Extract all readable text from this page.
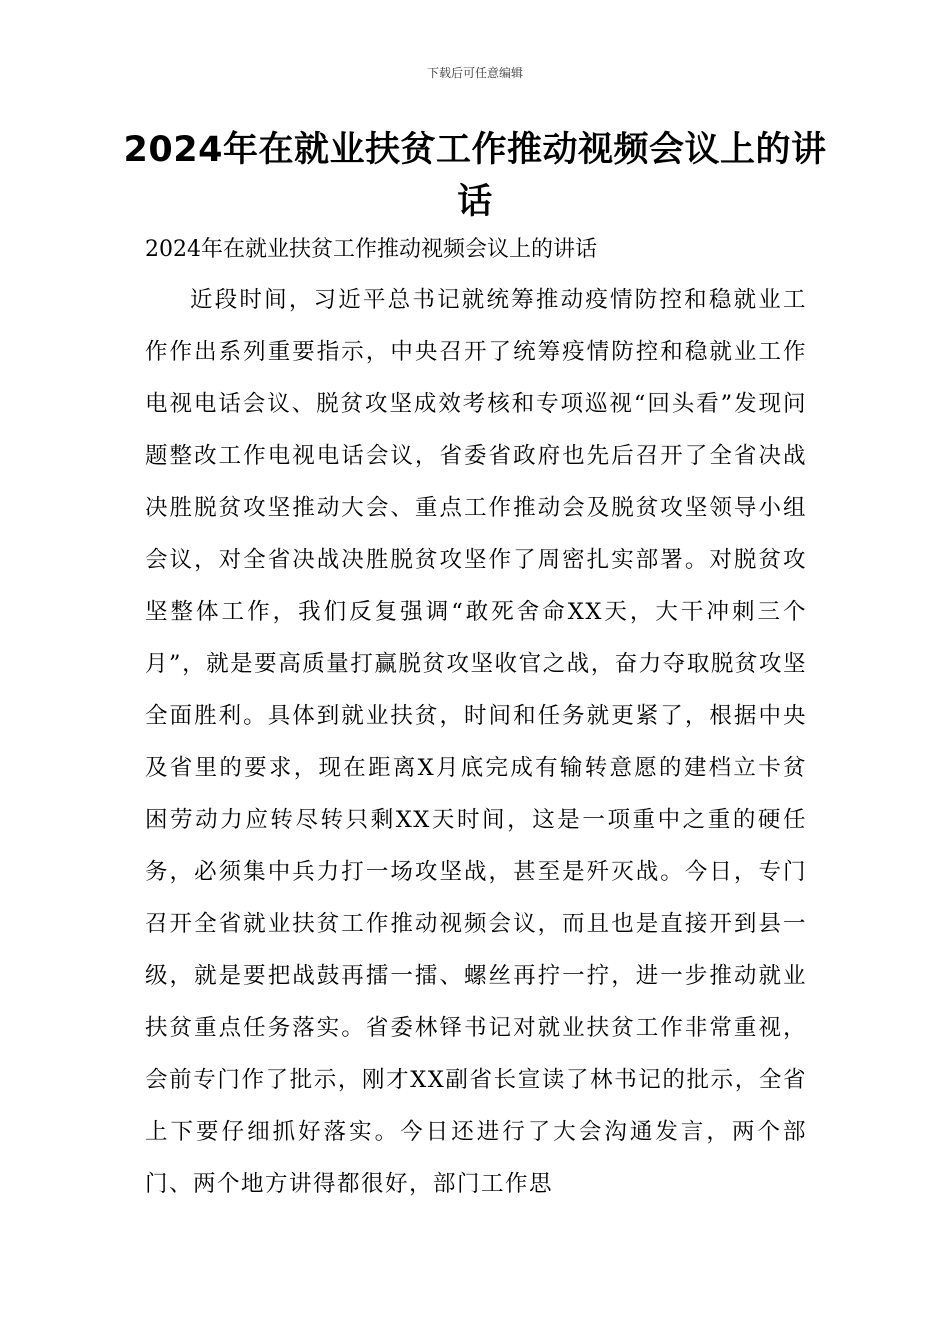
下载后可任意编辑
2024年在就业扶贫工作推动视频会议上的讲话
2024年在就业扶贫工作推动视频会议上的讲话

近段时间，习近平总书记就统筹推动疫情防控和稳就业工作作出系列重要指示，中央召开了统筹疫情防控和稳就业工作电视电话会议、脱贫攻坚成效考核和专项巡视“回头看”发现问题整改工作电视电话会议，省委省政府也先后召开了全省决战决胜脱贫攻坚推动大会、重点工作推动会及脱贫攻坚领导小组会议，对全省决战决胜脱贫攻坚作了周密扎实部署。对脱贫攻坚整体工作，我们反复强调“敢死舍命XX天，大干冲刺三个月”，就是要高质量打赢脱贫攻坚收官之战，奋力夺取脱贫攻坚全面胜利。具体到就业扶贫，时间和任务就更紧了，根据中央及省里的要求，现在距离X月底完成有输转意愿的建档立卡贫困劳动力应转尽转只剩XX天时间，这是一项重中之重的硬任务，必须集中兵力打一场攻坚战，甚至是歼灭战。今日，专门召开全省就业扶贫工作推动视频会议，而且也是直接开到县一级，就是要把战鼓再擂一擂、螺丝再拧一拧，进一步推动就业扶贫重点任务落实。省委林铎书记对就业扶贫工作非常重视，会前专门作了批示，刚才XX副省长宣读了林书记的批示，全省上下要仔细抓好落实。今日还进行了大会沟通发言，两个部门、两个地方讲得都很好，部门工作思
